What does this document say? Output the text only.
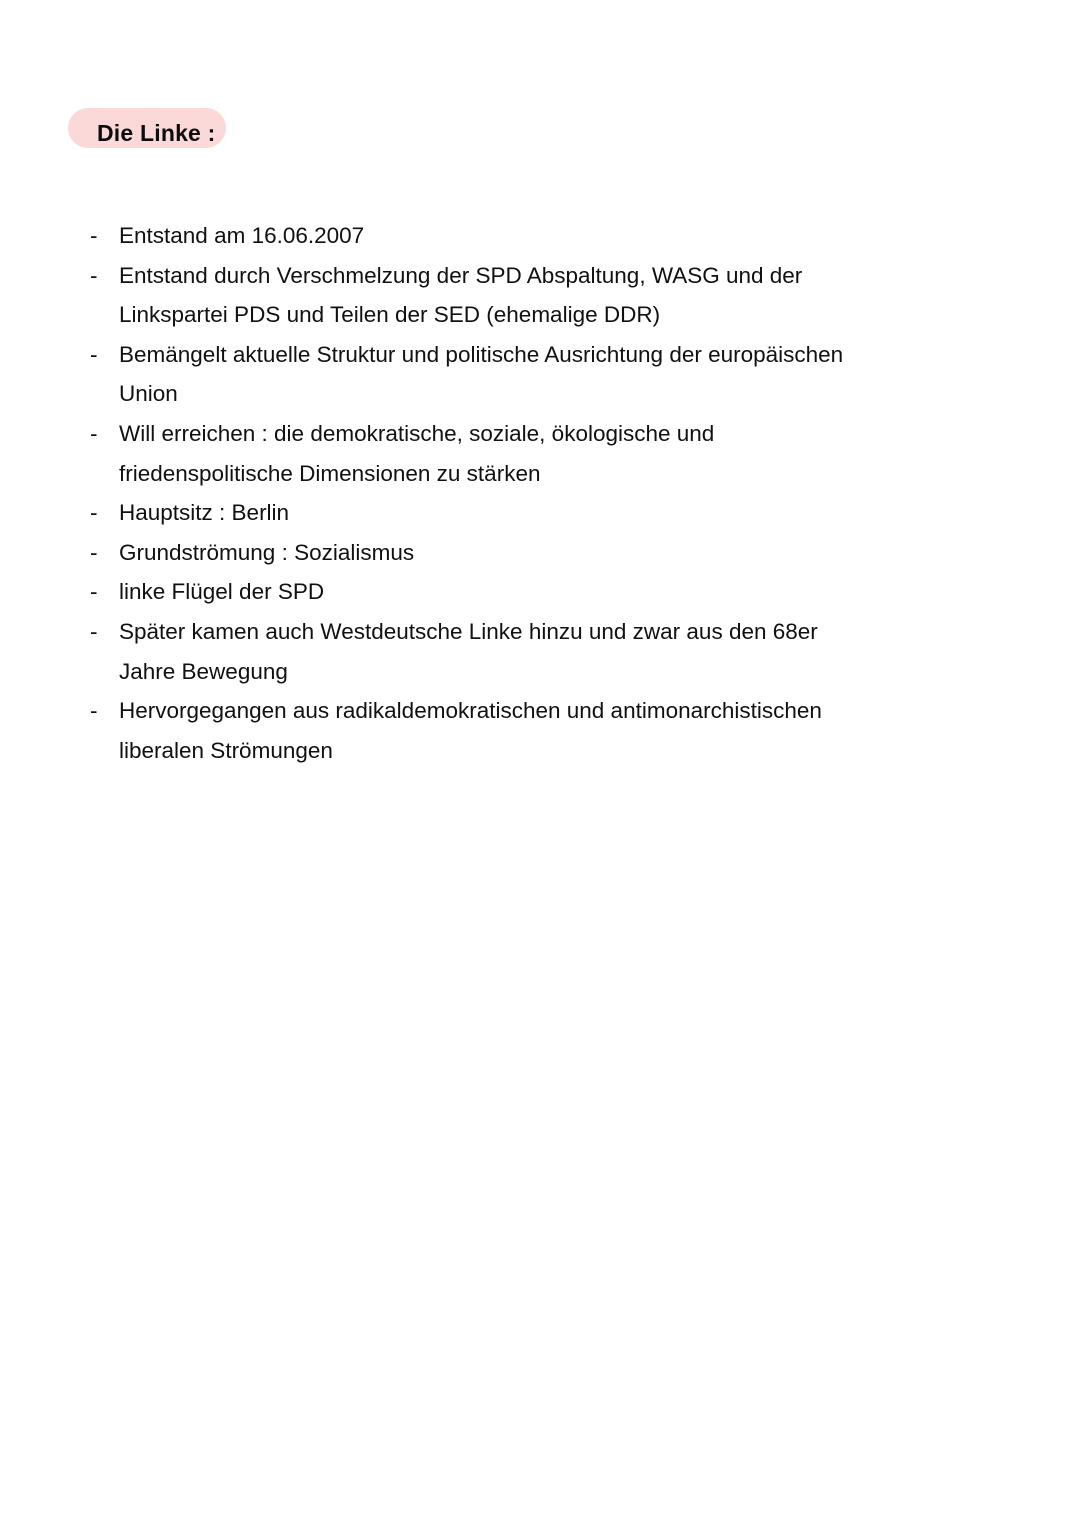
Die Linke :
- Entstand am 16.06.2007
- Entstand durch Verschmelzung der SPD Abspaltung, WASG und der
Linkspartei PDS und Teilen der SED (ehemalige DDR)
- Bemängelt aktuelle Struktur und politische Ausrichtung der europäischen
Union
- Will erreichen : die demokratische, soziale, ökologische und
friedenspolitische Dimensionen zu stärken
- Hauptsitz : Berlin
- Grundströmung : Sozialismus
- linke Flügel der SPD
- Später kamen auch Westdeutsche Linke hinzu und zwar aus den 68er
Jahre Bewegung
- Hervorgegangen aus radikaldemokratischen und antimonarchistischen
liberalen Strömungen
